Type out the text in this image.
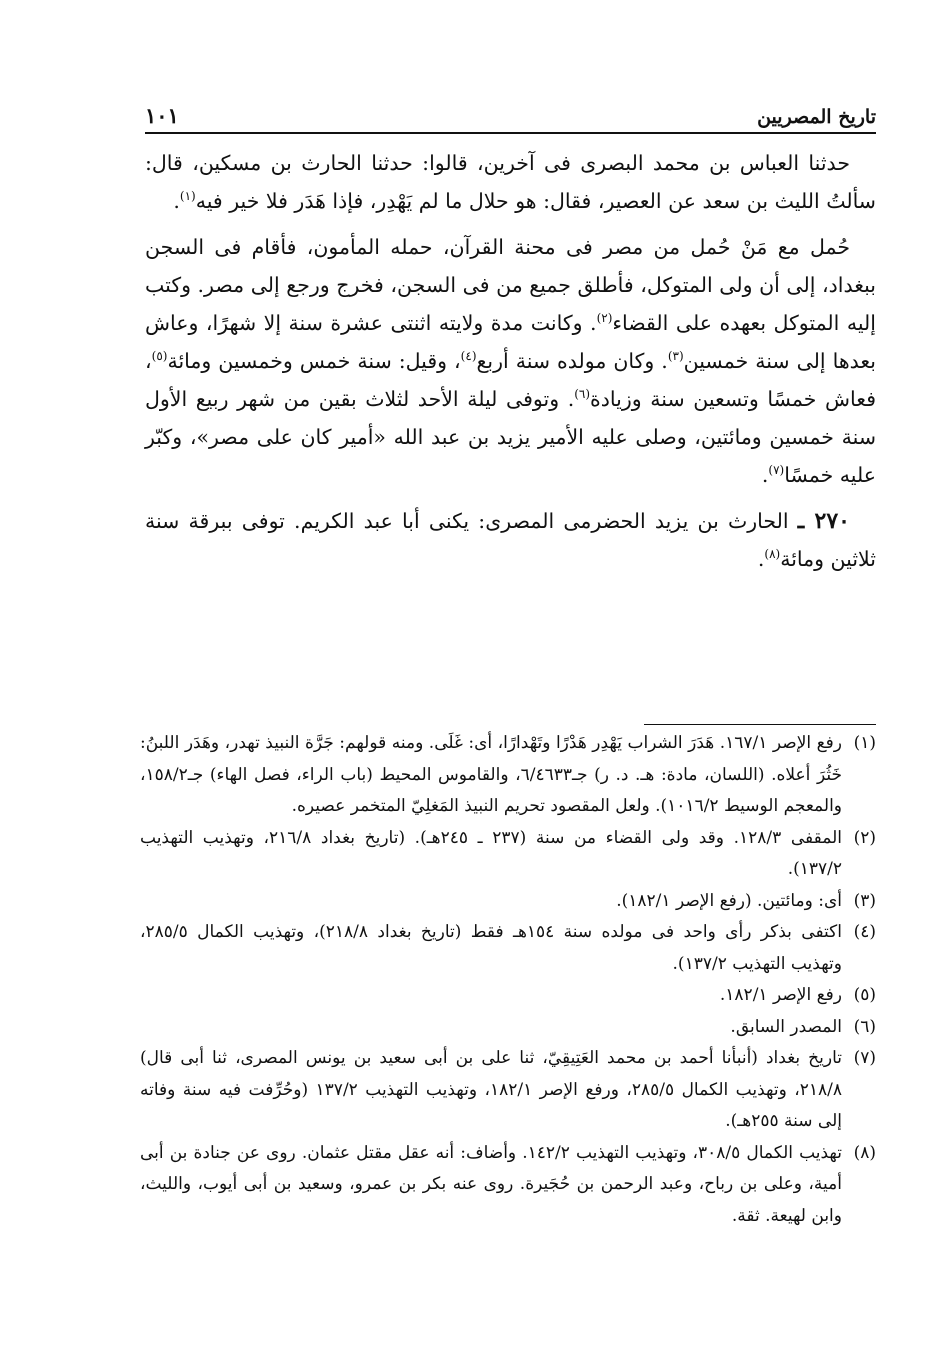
١٠١	تاريخ المصريين

حدثنا العباس بن محمد البصرى فى آخرين، قالوا: حدثنا الحارث بن مسكين، قال: سألتُ الليث بن سعد عن العصير، فقال: هو حلال ما لم يَهْدِر، فإذا هَدَر فلا خير فيه$^{(١)}$.

حُمل مع مَنْ حُمل من مصر فى محنة القرآن، حمله المأمون، فأقام فى السجن ببغداد، إلى أن ولى المتوكل، فأطلق جميع من فى السجن، فخرج ورجع إلى مصر. وكتب إليه المتوكل بعهده على القضاء$^{(٢)}$. وكانت مدة ولايته اثنتى عشرة سنة إلا شهرًا، وعاش بعدها إلى سنة خمسين$^{(٣)}$. وكان مولده سنة أربع$^{(٤)}$، وقيل: سنة خمس وخمسين ومائة$^{(٥)}$، فعاش خمسًا وتسعين سنة وزيادة$^{(٦)}$. وتوفى ليلة الأحد لثلاث بقين من شهر ربيع الأول سنة خمسين ومائتين، وصلى عليه الأمير يزيد بن عبد الله «أمير كان على مصر»، وكبّر عليه خمسًا$^{(٧)}$.

٢٧٠ ـ الحارث بن يزيد الحضرمى المصرى: يكنى أبا عبد الكريم. توفى ببرقة سنة ثلاثين ومائة$^{(٨)}$.

(١)
رفع الإصر ١٦٧/١. هَدَرَ الشراب يَهْدِر هَدْرًا وتَهْدارًا، أى: غَلَى. ومنه قولهم: جَرَّة النبيذ تهدر، وهَدَر اللبنُ: خَثُرَ أعلاه. (اللسان، مادة: هـ. د. ر) جـ٦/٤٦٣٣، والقاموس المحيط (باب الراء، فصل الهاء) جـ١٥٨/٢، والمعجم الوسيط ١٠١٦/٢). ولعل المقصود تحريم النبيذ المَغلِيّ المتخمر عصيره.
(٢)
المقفى ١٢٨/٣. وقد ولى القضاء من سنة (٢٣٧ ـ ٢٤٥هـ). (تاريخ بغداد ٢١٦/٨، وتهذيب التهذيب ١٣٧/٢).
(٣)
أى: ومائتين. (رفع الإصر ١٨٢/١).
(٤)
اكتفى بذكر رأى واحد فى مولده سنة ١٥٤هـ فقط (تاريخ بغداد ٢١٨/٨)، وتهذيب الكمال ٢٨٥/٥، وتهذيب التهذيب ١٣٧/٢).
(٥)
رفع الإصر ١٨٢/١.
(٦)
المصدر السابق.
(٧)
تاريخ بغداد (أنبأنا أحمد بن محمد العَتِيقِيّ، ثنا على بن أبى سعيد بن يونس المصرى، ثنا أبى قال) ٢١٨/٨، وتهذيب الكمال ٢٨٥/٥، ورفع الإصر ١٨٢/١، وتهذيب التهذيب ١٣٧/٢ (وحُرِّفت فيه سنة وفاته إلى سنة ٢٥٥هـ).
(٨)
تهذيب الكمال ٣٠٨/٥، وتهذيب التهذيب ١٤٢/٢. وأضاف: أنه عقل مقتل عثمان. روى عن جنادة بن أبى أمية، وعلى بن رباح، وعبد الرحمن بن حُجَيرة. روى عنه بكر بن عمرو، وسعيد بن أبى أيوب، والليث، وابن لهيعة. ثقة.
